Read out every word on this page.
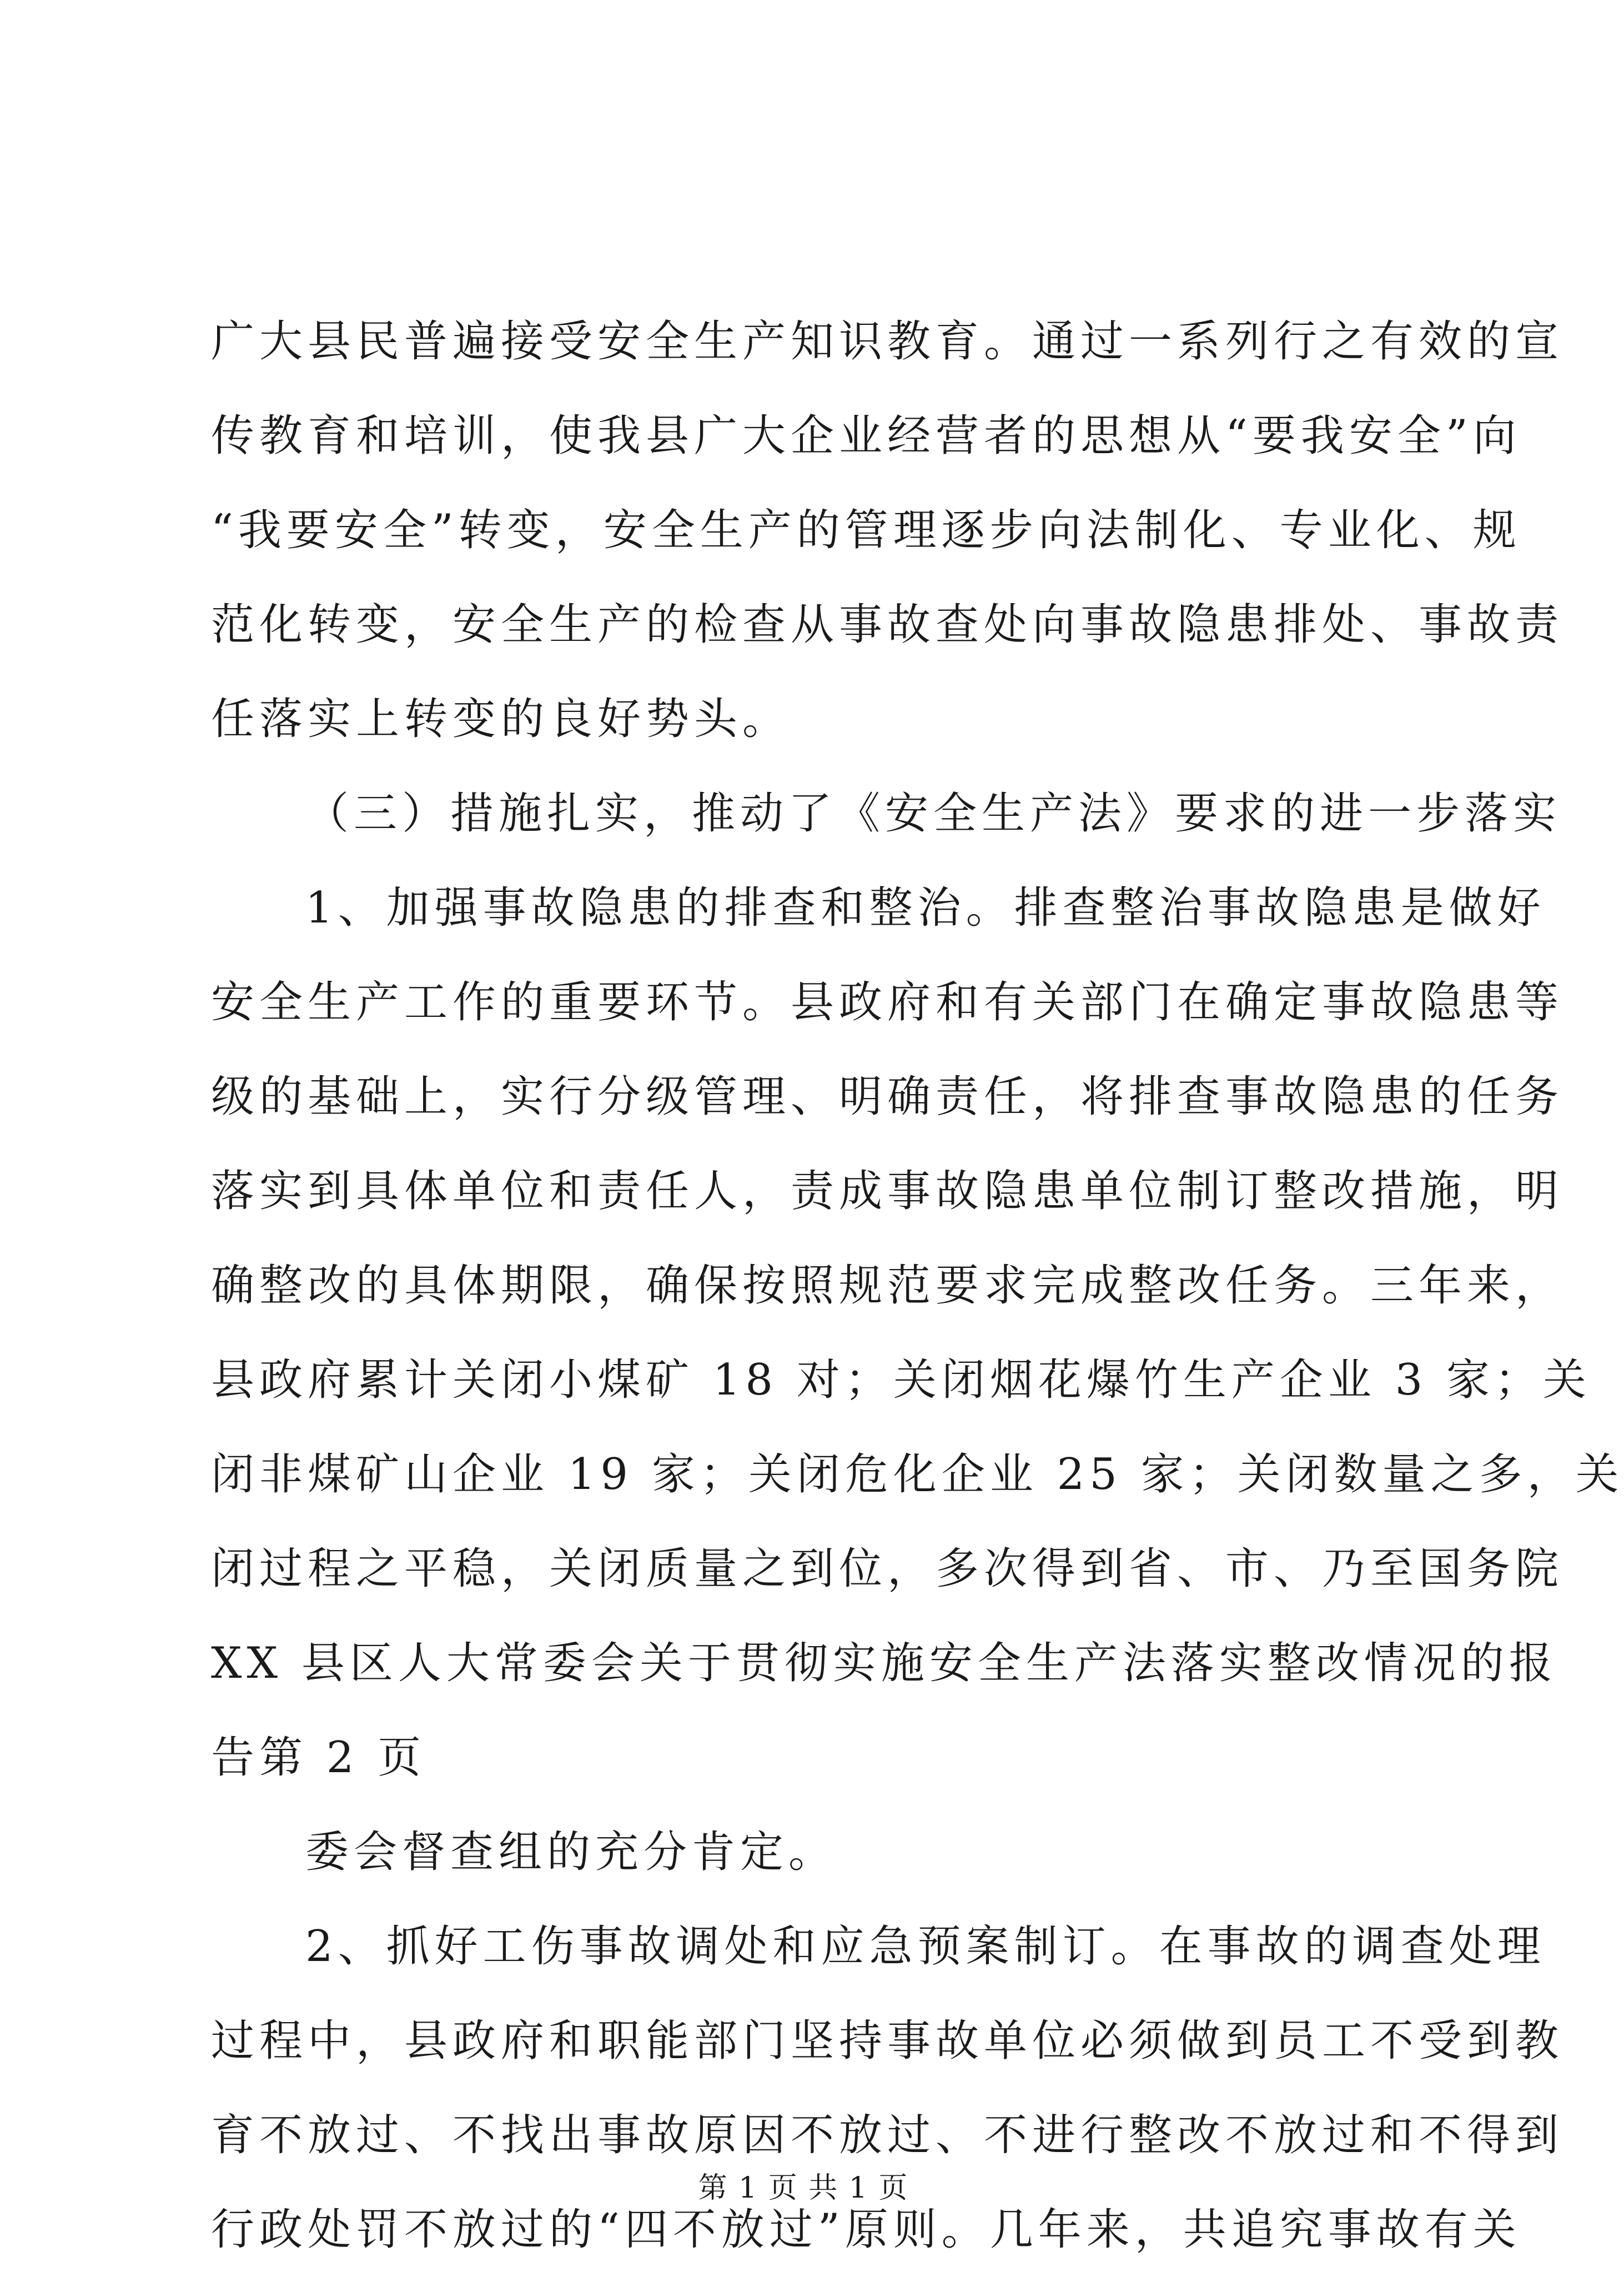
广大县民普遍接受安全生产知识教育。通过一系列行之有效的宣
传教育和培训，使我县广大企业经营者的思想从“要我安全”向
“我要安全”转变，安全生产的管理逐步向法制化、专业化、规
范化转变，安全生产的检查从事故查处向事故隐患排处、事故责
任落实上转变的良好势头。
（三）措施扎实，推动了《安全生产法》要求的进一步落实
1、加强事故隐患的排查和整治。排查整治事故隐患是做好
安全生产工作的重要环节。县政府和有关部门在确定事故隐患等
级的基础上，实行分级管理、明确责任，将排查事故隐患的任务
落实到具体单位和责任人，责成事故隐患单位制订整改措施，明
确整改的具体期限，确保按照规范要求完成整改任务。三年来，
县政府累计关闭小煤矿 18 对；关闭烟花爆竹生产企业 3 家；关
闭非煤矿山企业 19 家；关闭危化企业 25 家；关闭数量之多，关
闭过程之平稳，关闭质量之到位，多次得到省、市、乃至国务院
XX 县区人大常委会关于贯彻实施安全生产法落实整改情况的报
告第 2 页
委会督查组的充分肯定。
2、抓好工伤事故调处和应急预案制订。在事故的调查处理
过程中，县政府和职能部门坚持事故单位必须做到员工不受到教
育不放过、不找出事故原因不放过、不进行整改不放过和不得到
行政处罚不放过的“四不放过”原则。几年来，共追究事故有关
第 1 页 共 1 页
